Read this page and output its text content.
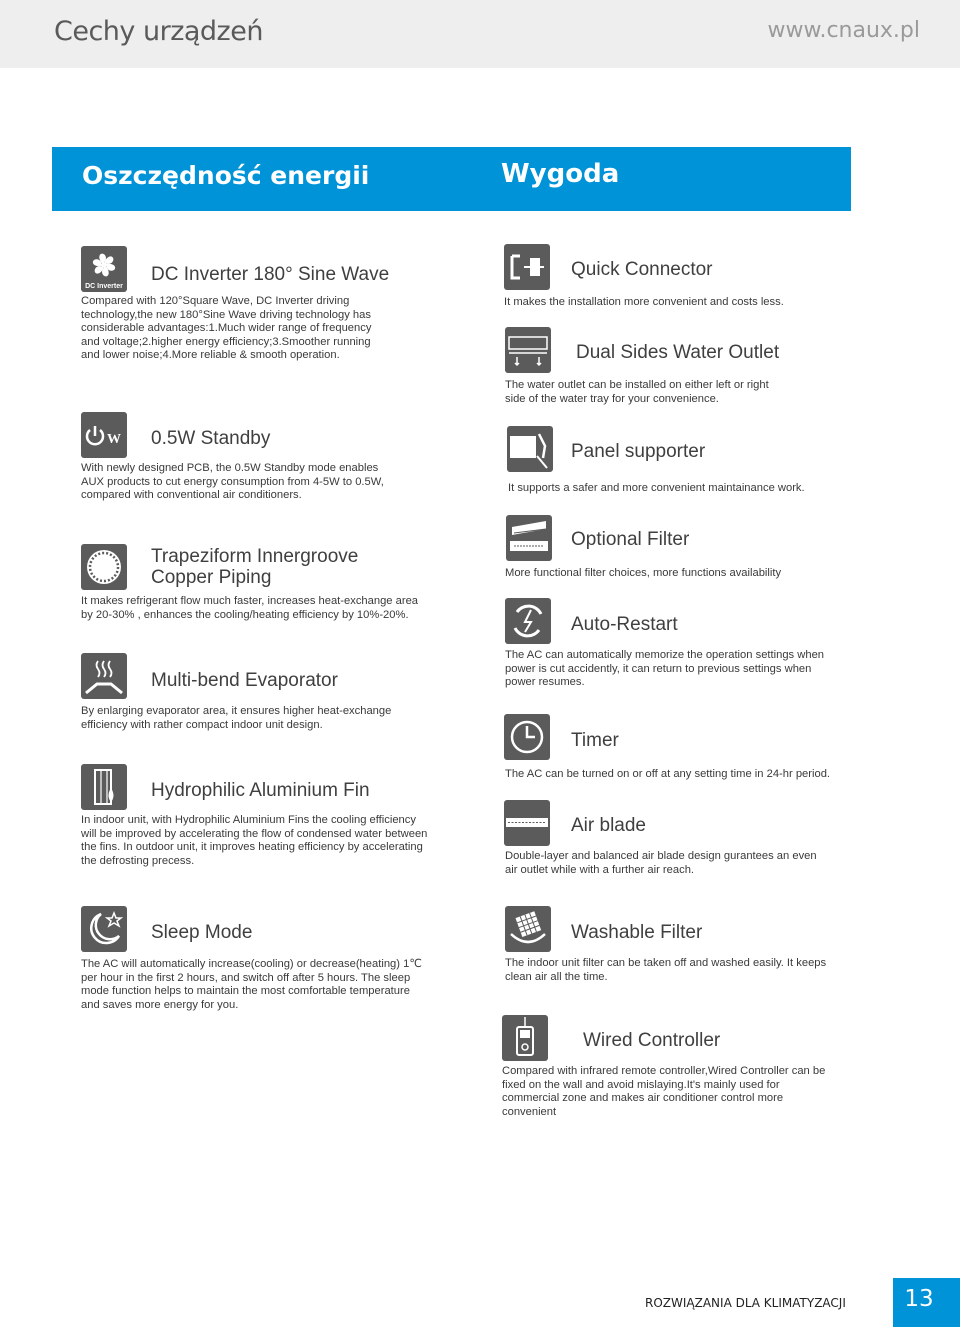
Cechy urządzeń	www.cnaux.pl
Oszczędność energii	Wygoda
DC Inverter
DC Inverter 180° Sine Wave
Compared with 120°Square Wave, DC Inverter driving
technology,the new 180°Sine Wave driving technology has
considerable advantages:1.Much wider range of frequency
and voltage;2.higher energy efficiency;3.Smoother running
and lower noise;4.More reliable & smooth operation.
W 0.5W Standby
With newly designed PCB, the 0.5W Standby mode enables
AUX products to cut energy consumption from 4-5W to 0.5W,
compared with conventional air conditioners.
Trapeziform Innergroove
Copper Piping
It makes refrigerant flow much faster, increases heat-exchange area
by 20-30% , enhances the cooling/heating efficiency by 10%-20%.
Multi-bend Evaporator
By enlarging evaporator area, it ensures higher heat-exchange
efficiency with rather compact indoor unit design.
Hydrophilic Aluminium Fin
In indoor unit, with Hydrophilic Aluminium Fins the cooling efficiency
will be improved by accelerating the flow of condensed water between
the fins. In outdoor unit, it improves heating efficiency by accelerating
the defrosting precess.
Sleep Mode
The AC will automatically increase(cooling) or decrease(heating) 1℃
per hour in the first 2 hours, and switch off after 5 hours. The sleep
mode function helps to maintain the most comfortable temperature
and saves more energy for you.
Quick Connector
It makes the installation more convenient and costs less.
Dual Sides Water Outlet
The water outlet can be installed on either left or right
side of the water tray for your convenience.
Panel supporter
It supports a safer and more convenient maintainance work.
Optional Filter
More functional filter choices, more functions availability
Auto-Restart
The AC can automatically memorize the operation settings when
power is cut accidently, it can return to previous settings when
power resumes.
Timer
The AC can be turned on or off at any setting time in 24-hr period.
Air blade
Double-layer and balanced air blade design gurantees an even
air outlet while with a further air reach.
Washable Filter
The indoor unit filter can be taken off and washed easily. It keeps
clean air all the time.
Wired Controller
Compared with infrared remote controller,Wired Controller can be
fixed on the wall and avoid mislaying.It's mainly used for
commercial zone and makes air conditioner control more
convenient
ROZWIĄZANIA DLA KLIMATYZACJI	13
